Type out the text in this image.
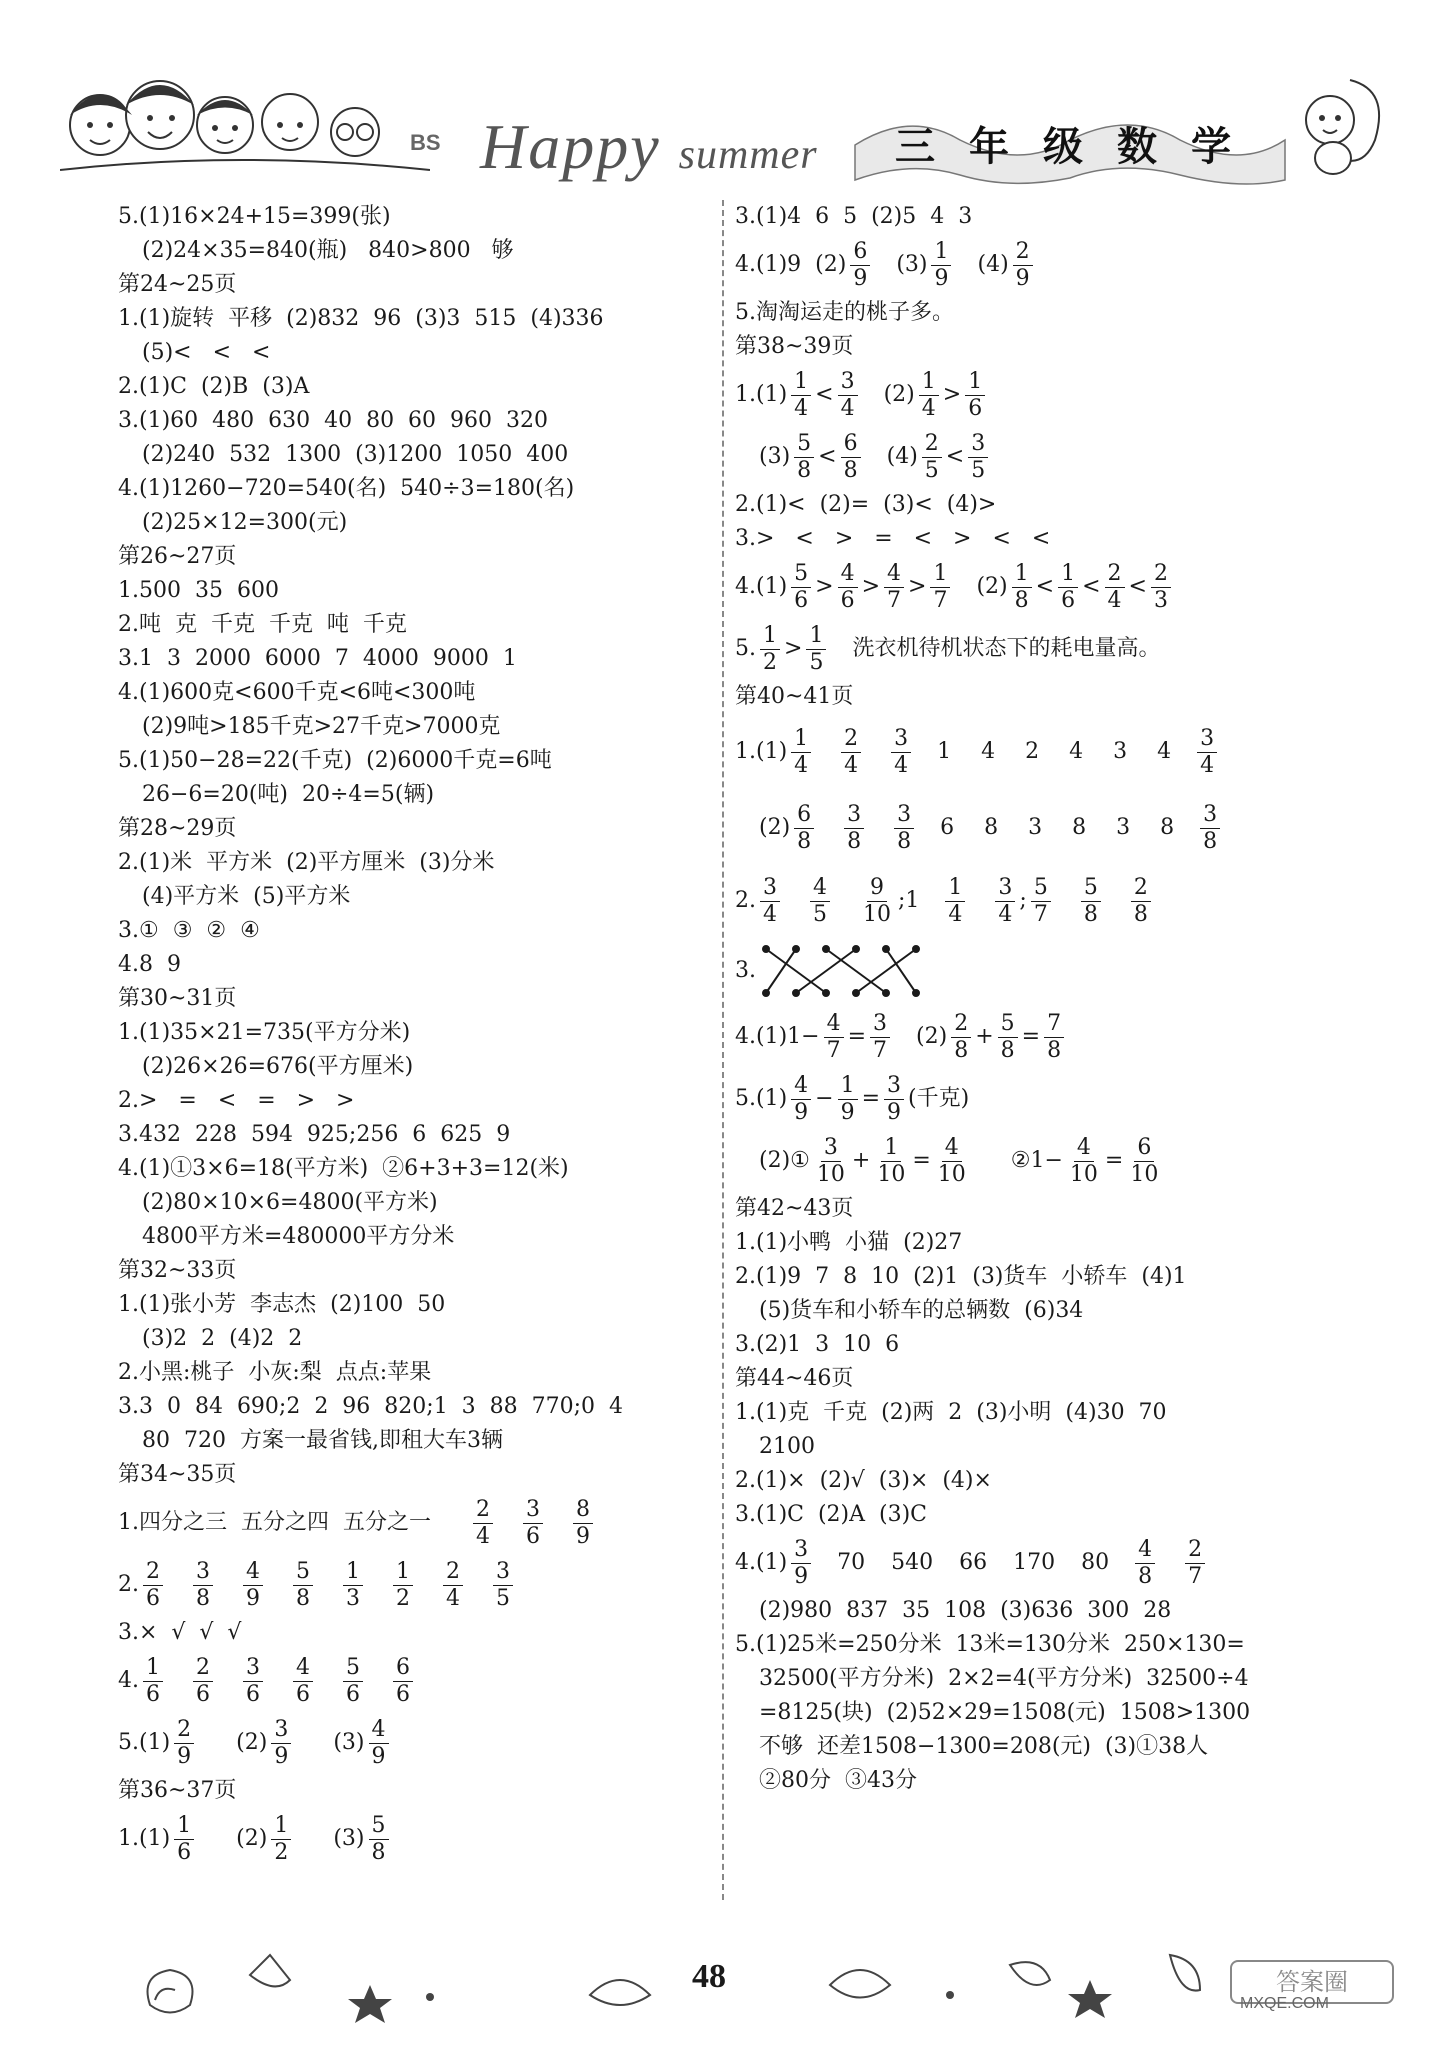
BS Happy summer 三年级数学
5.(1)16×24+15=399(张)
(2)24×35=840(瓶)   840>800   够
第24~25页
1.(1)旋转  平移  (2)832  96  (3)3  515  (4)336
(5)<   <   <
2.(1)C  (2)B  (3)A
3.(1)60  480  630  40  80  60  960  320
(2)240  532  1300  (3)1200  1050  400
4.(1)1260−720=540(名)  540÷3=180(名)
(2)25×12=300(元)
第26~27页
1.500  35  600
2.吨  克  千克  千克  吨  千克
3.1  3  2000  6000  7  4000  9000  1
4.(1)600克<600千克<6吨<300吨
(2)9吨>185千克>27千克>7000克
5.(1)50−28=22(千克)  (2)6000千克=6吨
26−6=20(吨)  20÷4=5(辆)
第28~29页
2.(1)米  平方米  (2)平方厘米  (3)分米
(4)平方米  (5)平方米
3.①  ③  ②  ④
4.8  9
第30~31页
1.(1)35×21=735(平方分米)
(2)26×26=676(平方厘米)
2.>   =   <   =   >   >
3.432  228  594  925;256  6  625  9
4.(1)①3×6=18(平方米)  ②6+3+3=12(米)
(2)80×10×6=4800(平方米)
4800平方米=480000平方分米
第32~33页
1.(1)张小芳  李志杰  (2)100  50
(3)2  2  (4)2  2
2.小黑:桃子  小灰:梨  点点:苹果
3.3  0  84  690;2  2  96  820;1  3  88  770;0  4
80  720  方案一最省钱,即租大车3辆
第34~35页
1.四分之三  五分之四  五分之一
2
4
3
6
8
9
2.
2
6
3
8
4
9
5
8
1
3
1
2
2
4
3
5
3.×  √  √  √
4.
1
6
2
6
3
6
4
6
5
6
6
6
5.(1)
2
9
(2)
3
9
(3)
4
9
第36~37页
1.(1)
1
6
(2)
1
2
(3)
5
8
3.(1)4  6  5  (2)5  4  3
4.(1)9  (2)
6
9
(3)
1
9
(4)
2
9
5.淘淘运走的桃子多。
第38~39页
1.(1)
1
4
<
3
4
(2)
1
4
>
1
6
(3)
5
8
<
6
8
(4)
2
5
<
3
5
2.(1)<  (2)=  (3)<  (4)>
3.>   <   >   =   <   >   <   <
4.(1)
5
6
>
4
6
>
4
7
>
1
7
(2)
1
8
<
1
6
<
2
4
<
2
3
5.
1
2
>
1
5
洗衣机待机状态下的耗电量高。
第40~41页
1.(1)
1
4
2
4
3
4
1  4  2  4  3  4
3
4
(2)
6
8
3
8
3
8
6  8  3  8  3  8
3
8
2.
3
4
4
5
9
10
;1
1
4
3
4
;
5
7
5
8
2
8
3.
$4.(1)1- \frac{4}{7}$ =
3
7
(2)
2
8
+
5
8
=
7
8
5.(1)
4
9
−
1
9
=
3
9
(千克)
(2)①
3
10
+
1
10
=
4
10
②1− $\frac{4}{10}$ =
6
10
第42~43页
1.(1)小鸭  小猫  (2)27
2.(1)9  7  8  10  (2)1  (3)货车  小轿车  (4)1
(5)货车和小轿车的总辆数  (6)34
3.(2)1  3  10  6
第44~46页
1.(1)克  千克  (2)两  2  (3)小明  (4)30  70
2100
2.(1)×  (2)√  (3)×  (4)×
3.(1)C  (2)A  (3)C
4.(1)
3
9
70  540  66  170  80
4
8
2
7
(2)980  837  35  108  (3)636  300  28
5.(1)25米=250分米  13米=130分米  250×130=
32500(平方分米)  2×2=4(平方分米)  32500÷4
=8125(块)  (2)52×29=1508(元)  1508>1300
不够  还差1508−1300=208(元)  (3)①38人
②80分  ③43分
48	答案圈
MXQE.COM
